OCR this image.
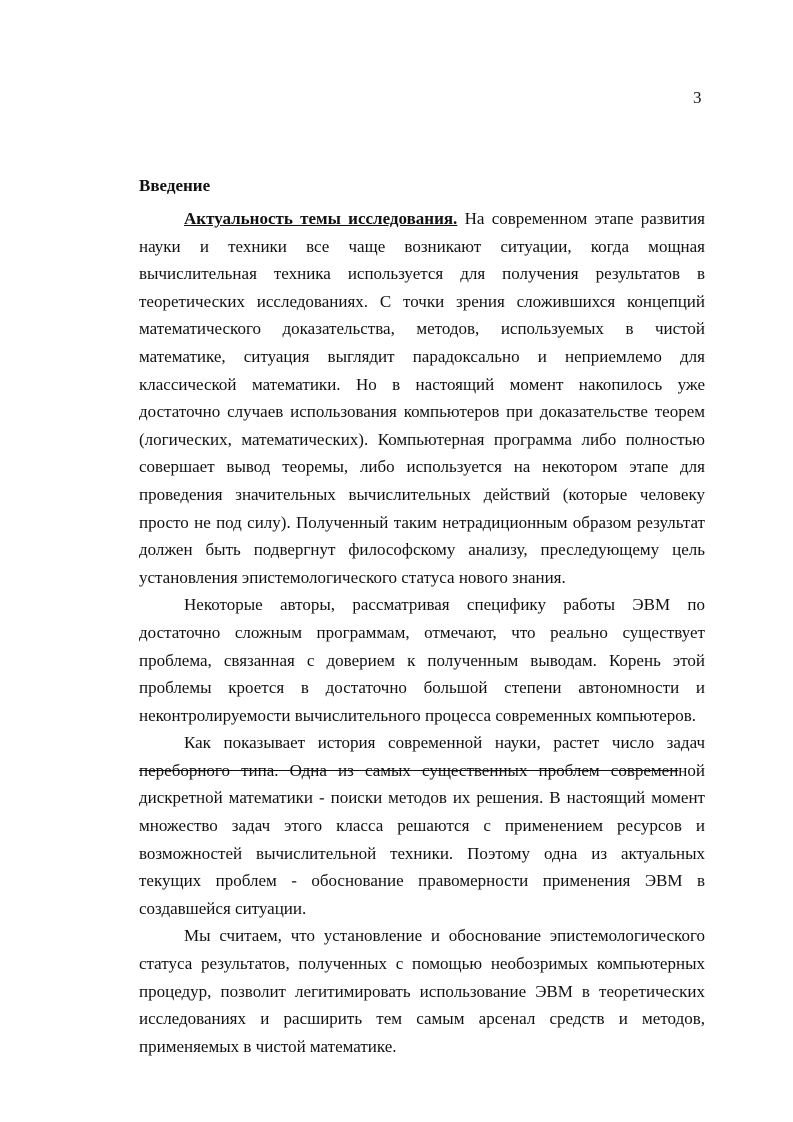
3
Введение

Актуальность темы исследования. На современном этапе развития науки и техники все чаще возникают ситуации, когда мощная вычислительная техника используется для получения результатов в теоретических исследованиях. С точки зрения сложившихся концепций математического доказательства, методов, используемых в чистой математике, ситуация выглядит парадоксально и неприемлемо для классической математики. Но в настоящий момент накопилось уже достаточно случаев использования компьютеров при доказательстве теорем (логических, математических). Компьютерная программа либо полностью совершает вывод теоремы, либо используется на некотором этапе для проведения значительных вычислительных действий (которые человеку просто не под силу). Полученный таким нетрадиционным образом результат должен быть подвергнут философскому анализу, преследующему цель установления эпистемологического статуса нового знания.

Некоторые авторы, рассматривая специфику работы ЭВМ по достаточно сложным программам, отмечают, что реально существует проблема, связанная с доверием к полученным выводам. Корень этой проблемы кроется в достаточно большой степени автономности и неконтролируемости вычислительного процесса современных компьютеров.

Как показывает история современной науки, растет число задач переборного типа. Одна из самых существенных проблем современной дискретной математики - поиски методов их решения. В настоящий момент множество задач этого класса решаются с применением ресурсов и возможностей вычислительной техники. Поэтому одна из актуальных текущих проблем - обоснование правомерности применения ЭВМ в создавшейся ситуации.

Мы считаем, что установление и обоснование эпистемологического статуса результатов, полученных с помощью необозримых компьютерных процедур, позволит легитимировать использование ЭВМ в теоретических исследованиях и расширить тем самым арсенал средств и методов, применяемых в чистой математике.
